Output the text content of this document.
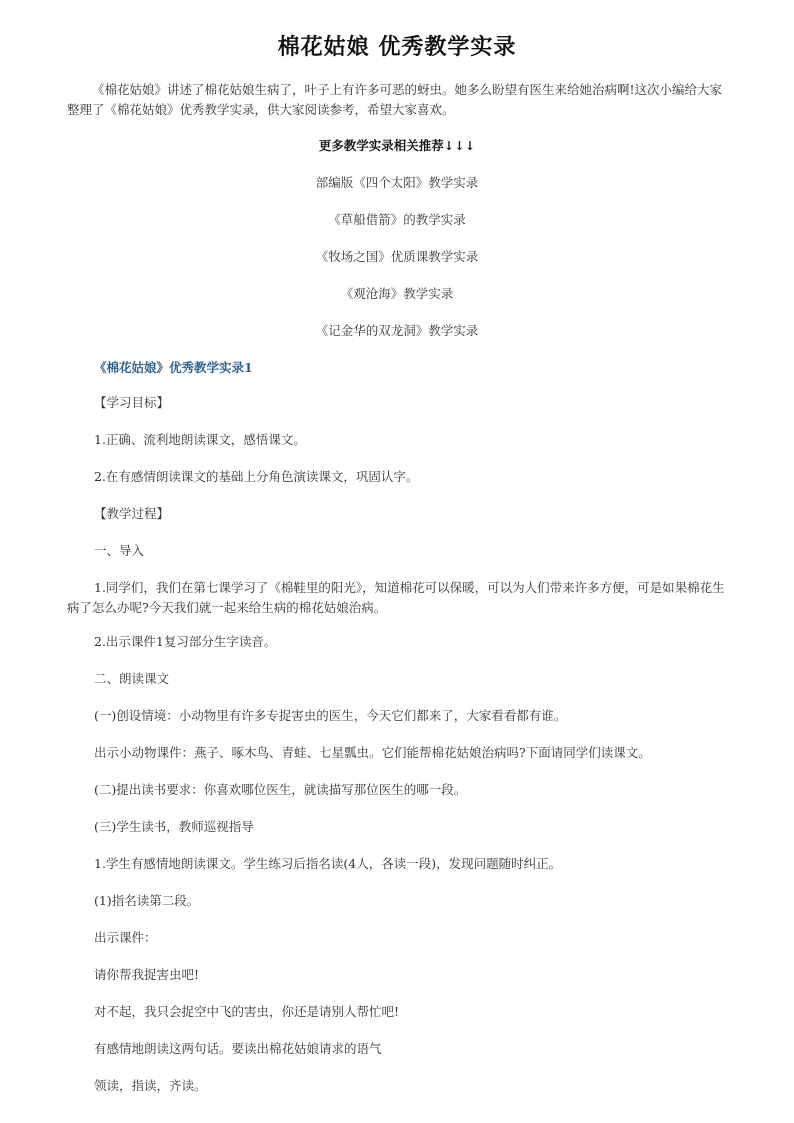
棉花姑娘 优秀教学实录
《棉花姑娘》讲述了棉花姑娘生病了，叶子上有许多可恶的蚜虫。她多么盼望有医生来给她治病啊!这次小编给大家整理了《棉花姑娘》优秀教学实录，供大家阅读参考，希望大家喜欢。
更多教学实录相关推荐↓↓↓
部编版《四个太阳》教学实录
《草船借箭》的教学实录
《牧场之国》优质课教学实录
《观沧海》教学实录
《记金华的双龙洞》教学实录
《棉花姑娘》优秀教学实录1
【学习目标】
1.正确、流利地朗读课文，感悟课文。
2.在有感情朗读课文的基础上分角色演读课文，巩固认字。
【教学过程】
一、导入
1.同学们，我们在第七课学习了《棉鞋里的阳光》，知道棉花可以保暖，可以为人们带来许多方便，可是如果棉花生病了怎么办呢?今天我们就一起来给生病的棉花姑娘治病。
2.出示课件1复习部分生字读音。
二、朗读课文
(一)创设情境：小动物里有许多专捉害虫的医生，今天它们都来了，大家看看都有谁。
出示小动物课件：燕子、啄木鸟、青蛙、七星瓢虫。它们能帮棉花姑娘治病吗?下面请同学们读课文。
(二)提出读书要求：你喜欢哪位医生，就读描写那位医生的哪一段。
(三)学生读书，教师巡视指导
1.学生有感情地朗读课文。学生练习后指名读(4人，各读一段)，发现问题随时纠正。
(1)指名读第二段。
出示课件：
请你帮我捉害虫吧!
对不起，我只会捉空中飞的害虫，你还是请别人帮忙吧!
有感情地朗读这两句话。要读出棉花姑娘请求的语气
领读，指读，齐读。
